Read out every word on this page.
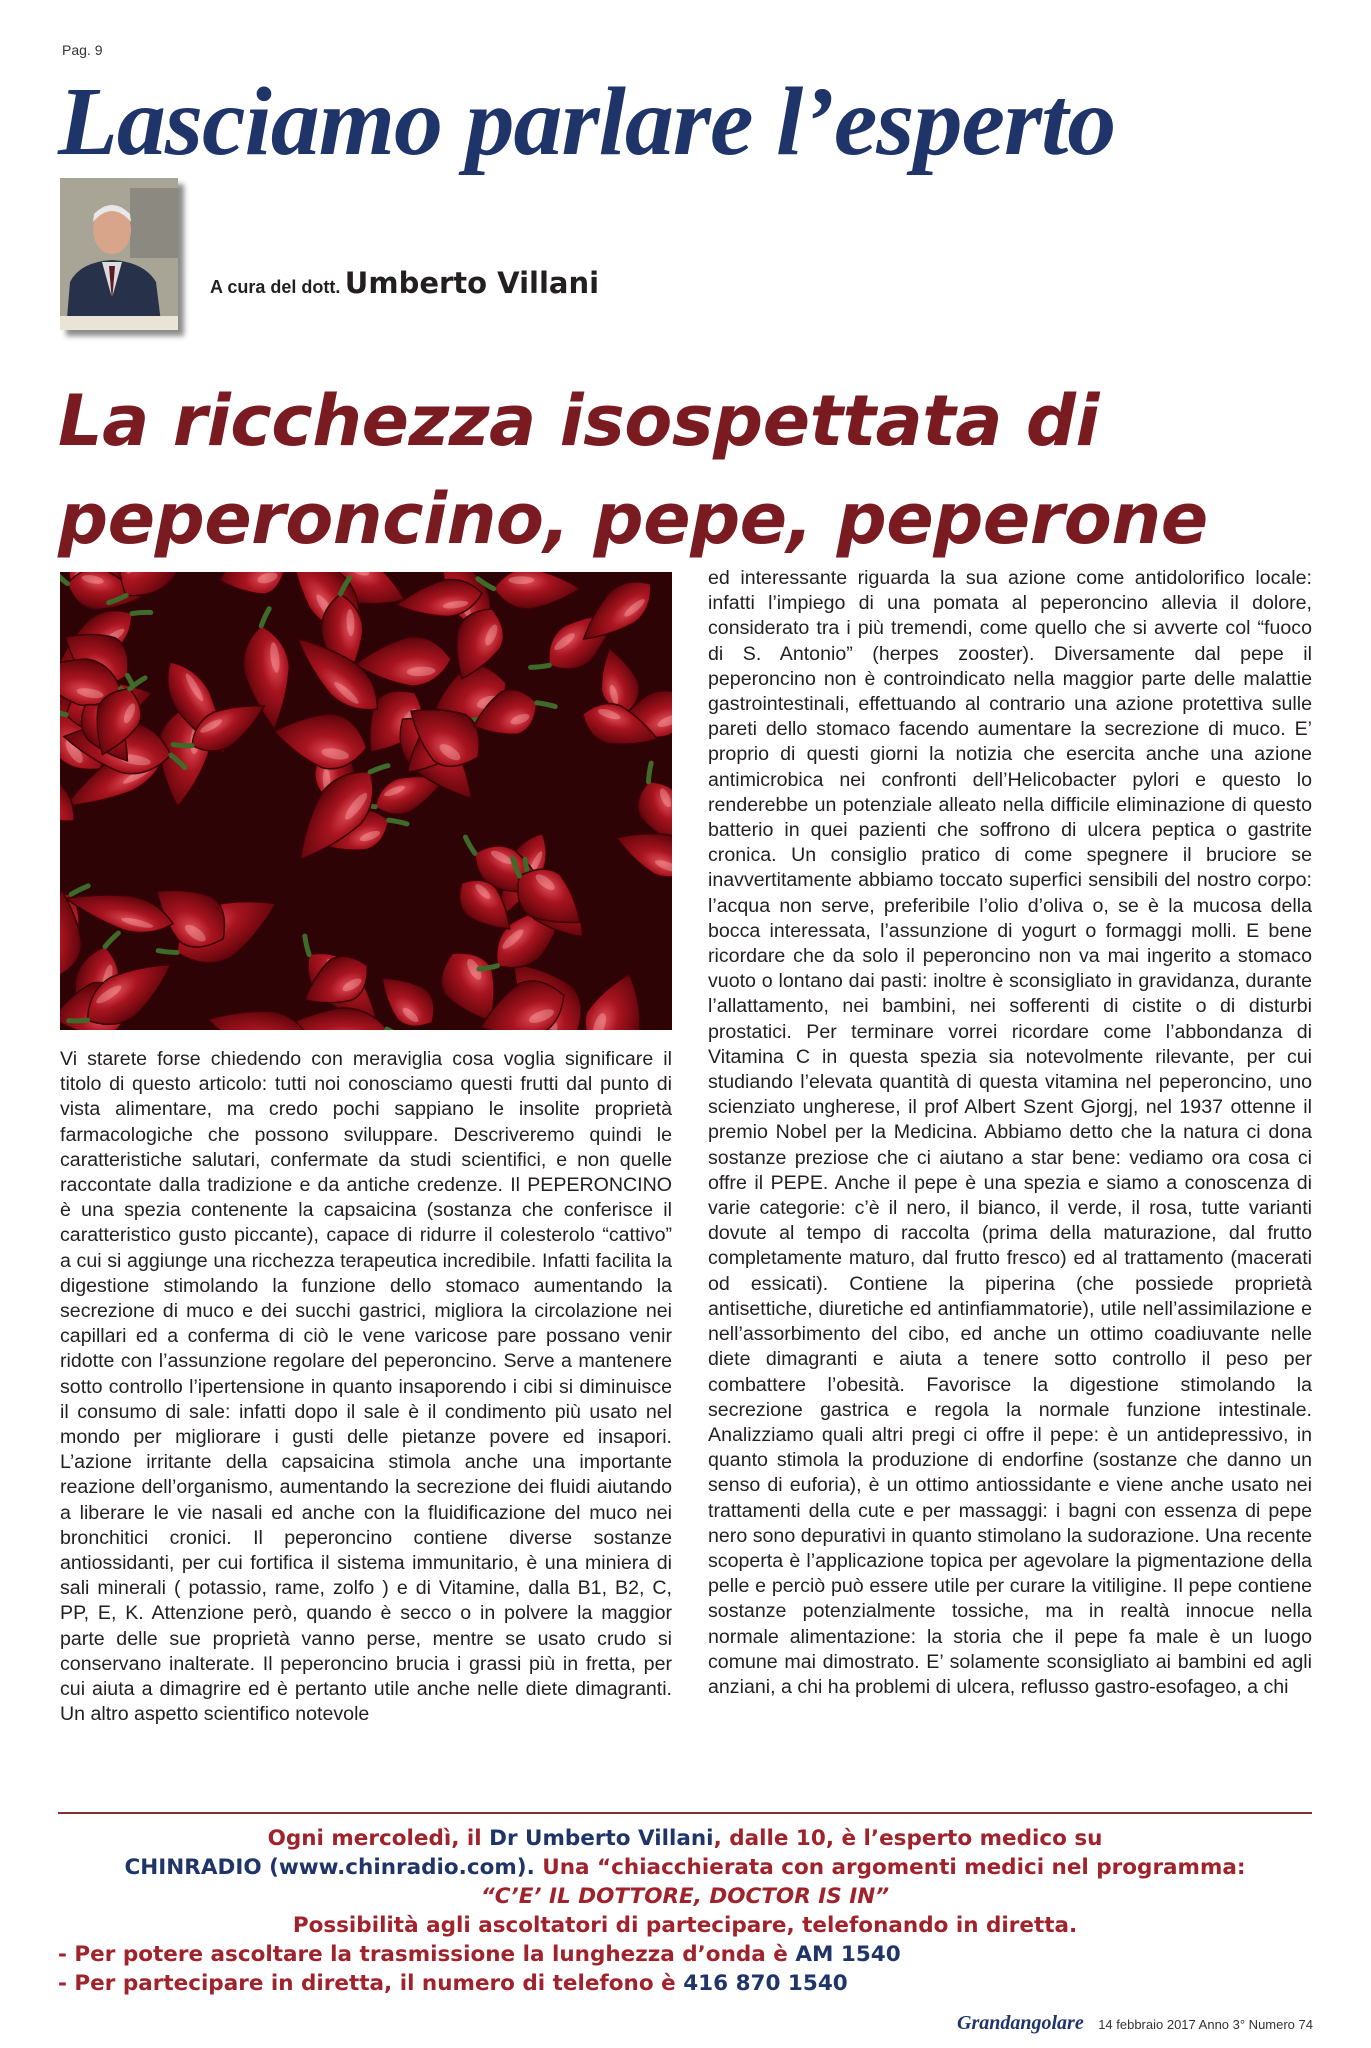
Pag. 9
Lasciamo parlare l’esperto
A cura del dott. Umberto Villani
La ricchezza isospettata di
peperoncino, pepe, peperone

Vi starete forse chiedendo con meraviglia cosa voglia significare il titolo di questo articolo: tutti noi conosciamo questi frutti dal punto di vista alimentare, ma credo pochi sappiano le insolite proprietà farmacologiche che possono sviluppare. Descriveremo quindi le caratteristiche salutari, confermate da studi scientifici, e non quelle raccontate dalla tradizione e da antiche credenze. Il PEPERONCINO è una spezia contenente la capsaicina (sostanza che conferisce il caratteristico gusto piccante), capace di ridurre il colesterolo “cattivo” a cui si aggiunge una ricchezza terapeutica incredibile. Infatti facilita la digestione stimolando la funzione dello stomaco aumentando la secrezione di muco e dei succhi gastrici, migliora la circolazione nei capillari ed a conferma di ciò le vene varicose pare possano venir ridotte con l’assunzione regolare del peperoncino. Serve a mantenere sotto controllo l’ipertensione in quanto insaporendo i cibi si diminuisce il consumo di sale: infatti dopo il sale è il condimento più usato nel mondo per migliorare i gusti delle pietanze povere ed insapori. L’azione irritante della capsaicina stimola anche una importante reazione dell’organismo, aumentando la secrezione dei fluidi aiutando a liberare le vie nasali ed anche con la fluidificazione del muco nei bronchitici cronici. Il peperoncino contiene diverse sostanze antiossidanti, per cui fortifica il sistema immunitario, è una miniera di sali minerali ( potassio, rame, zolfo ) e di Vitamine, dalla B1, B2, C, PP, E, K. Attenzione però, quando è secco o in polvere la maggior parte delle sue proprietà vanno perse, mentre se usato crudo si conservano inalterate. Il peperoncino brucia i grassi più in fretta, per cui aiuta a dimagrire ed è pertanto utile anche nelle diete dimagranti. Un altro aspetto scientifico notevole

ed interessante riguarda la sua azione come antidolorifico locale: infatti l’impiego di una pomata al peperoncino allevia il dolore, considerato tra i più tremendi, come quello che si avverte col “fuoco di S. Antonio” (herpes zooster). Diversamente dal pepe il peperoncino non è controindicato nella maggior parte delle malattie gastrointestinali, effettuando al contrario una azione protettiva sulle pareti dello stomaco facendo aumentare la secrezione di muco. E’ proprio di questi giorni la notizia che esercita anche una azione antimicrobica nei confronti dell’Helicobacter pylori e questo lo renderebbe un potenziale alleato nella difficile eliminazione di questo batterio in quei pazienti che soffrono di ulcera peptica o gastrite cronica. Un consiglio pratico di come spegnere il bruciore se inavvertitamente abbiamo toccato superfici sensibili del nostro corpo: l’acqua non serve, preferibile l’olio d’oliva o, se è la mucosa della bocca interessata, l’assunzione di yogurt o formaggi molli. E bene ricordare che da solo il peperoncino non va mai ingerito a stomaco vuoto o lontano dai pasti: inoltre è sconsigliato in gravidanza, durante l’allattamento, nei bambini, nei sofferenti di cistite o di disturbi prostatici. Per terminare vorrei ricordare come l’abbondanza di Vitamina C in questa spezia sia notevolmente rilevante, per cui studiando l’elevata quantità di questa vitamina nel peperoncino, uno scienziato ungherese, il prof Albert Szent Gjorgj, nel 1937 ottenne il premio Nobel per la Medicina. Abbiamo detto che la natura ci dona sostanze preziose che ci aiutano a star bene: vediamo ora cosa ci offre il PEPE. Anche il pepe è una spezia e siamo a conoscenza di varie categorie: c’è il nero, il bianco, il verde, il rosa, tutte varianti dovute al tempo di raccolta (prima della maturazione, dal frutto completamente maturo, dal frutto fresco) ed al trattamento (macerati od essicati). Contiene la piperina (che possiede proprietà antisettiche, diuretiche ed antinfiammatorie), utile nell’assimilazione e nell’assorbimento del cibo, ed anche un ottimo coadiuvante nelle diete dimagranti e aiuta a tenere sotto controllo il peso per combattere l’obesità. Favorisce la digestione stimolando la secrezione gastrica e regola la normale funzione intestinale. Analizziamo quali altri pregi ci offre il pepe: è un antidepressivo, in quanto stimola la produzione di endorfine (sostanze che danno un senso di euforia), è un ottimo antiossidante e viene anche usato nei trattamenti della cute e per massaggi: i bagni con essenza di pepe nero sono depurativi in quanto stimolano la sudorazione. Una recente scoperta è l’applicazione topica per agevolare la pigmentazione della pelle e perciò può essere utile per curare la vitiligine. Il pepe contiene sostanze potenzialmente tossiche, ma in realtà innocue nella normale alimentazione: la storia che il pepe fa male è un luogo comune mai dimostrato. E’ solamente sconsigliato ai bambini ed agli anziani, a chi ha problemi di ulcera, reflusso gastro-esofageo, a chi

Ogni mercoledì, il Dr Umberto Villani, dalle 10, è l’esperto medico su
CHINRADIO (www.chinradio.com). Una “chiacchierata con argomenti medici nel programma:
“C’E’ IL DOTTORE, DOCTOR IS IN”
Possibilità agli ascoltatori di partecipare, telefonando in diretta.
- Per potere ascoltare la trasmissione la lunghezza d’onda è AM 1540
- Per partecipare in diretta, il numero di telefono è 416 870 1540
Grandangolare 14 febbraio 2017 Anno 3° Numero 74
